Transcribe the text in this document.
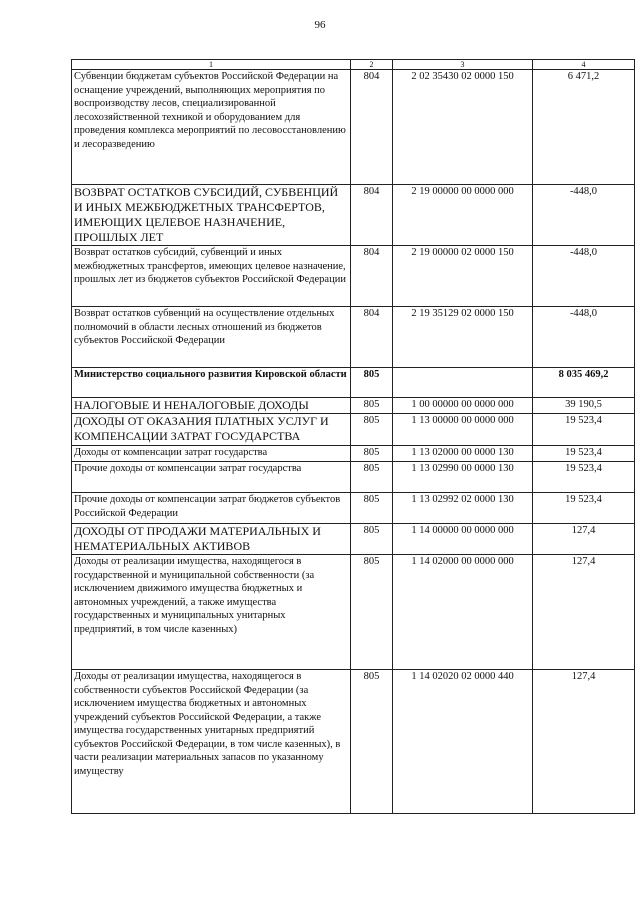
96
1	2	3	4
Субвенции бюджетам субъектов Российской Федерации на оснащение учреждений, выполняющих мероприятия по воспроизводству лесов, специализированной лесохозяйственной техникой и оборудованием для проведения комплекса мероприятий по лесовосстановлению и лесоразведению	804	2 02 35430 02 0000 150	6 471,2
ВОЗВРАТ ОСТАТКОВ СУБСИДИЙ, СУБВЕНЦИЙ И ИНЫХ МЕЖБЮДЖЕТНЫХ ТРАНСФЕРТОВ, ИМЕЮЩИХ ЦЕЛЕВОЕ НАЗНАЧЕНИЕ, ПРОШЛЫХ ЛЕТ	804	2 19 00000 00 0000 000	-448,0
Возврат остатков субсидий, субвенций и иных межбюджетных трансфертов, имеющих целевое назначение, прошлых лет из бюджетов субъектов Российской Федерации	804	2 19 00000 02 0000 150	-448,0
Возврат остатков субвенций на осуществление отдельных полномочий в области лесных отношений из бюджетов субъектов Российской Федерации	804	2 19 35129 02 0000 150	-448,0
Министерство социального развития Кировской области	805		8 035 469,2
НАЛОГОВЫЕ И НЕНАЛОГОВЫЕ ДОХОДЫ	805	1 00 00000 00 0000 000	39 190,5
ДОХОДЫ ОТ ОКАЗАНИЯ ПЛАТНЫХ УСЛУГ И КОМПЕНСАЦИИ ЗАТРАТ ГОСУДАРСТВА	805	1 13 00000 00 0000 000	19 523,4
Доходы от компенсации затрат государства	805	1 13 02000 00 0000 130	19 523,4
Прочие доходы от компенсации затрат государства	805	1 13 02990 00 0000 130	19 523,4
Прочие доходы от компенсации затрат бюджетов субъектов Российской Федерации	805	1 13 02992 02 0000 130	19 523,4
ДОХОДЫ ОТ ПРОДАЖИ МАТЕРИАЛЬНЫХ И НЕМАТЕРИАЛЬНЫХ АКТИВОВ	805	1 14 00000 00 0000 000	127,4
Доходы от реализации имущества, находящегося в государственной и муниципальной собственности (за исключением движимого имущества бюджетных и автономных учреждений, а также имущества государственных и муниципальных унитарных предприятий, в том числе казенных)	805	1 14 02000 00 0000 000	127,4
Доходы от реализации имущества, находящегося в собственности субъектов Российской Федерации (за исключением имущества бюджетных и автономных учреждений субъектов Российской Федерации, а также имущества государственных унитарных предприятий субъектов Российской Федерации, в том числе казенных), в части реализации материальных запасов по указанному имуществу	805	1 14 02020 02 0000 440	127,4
